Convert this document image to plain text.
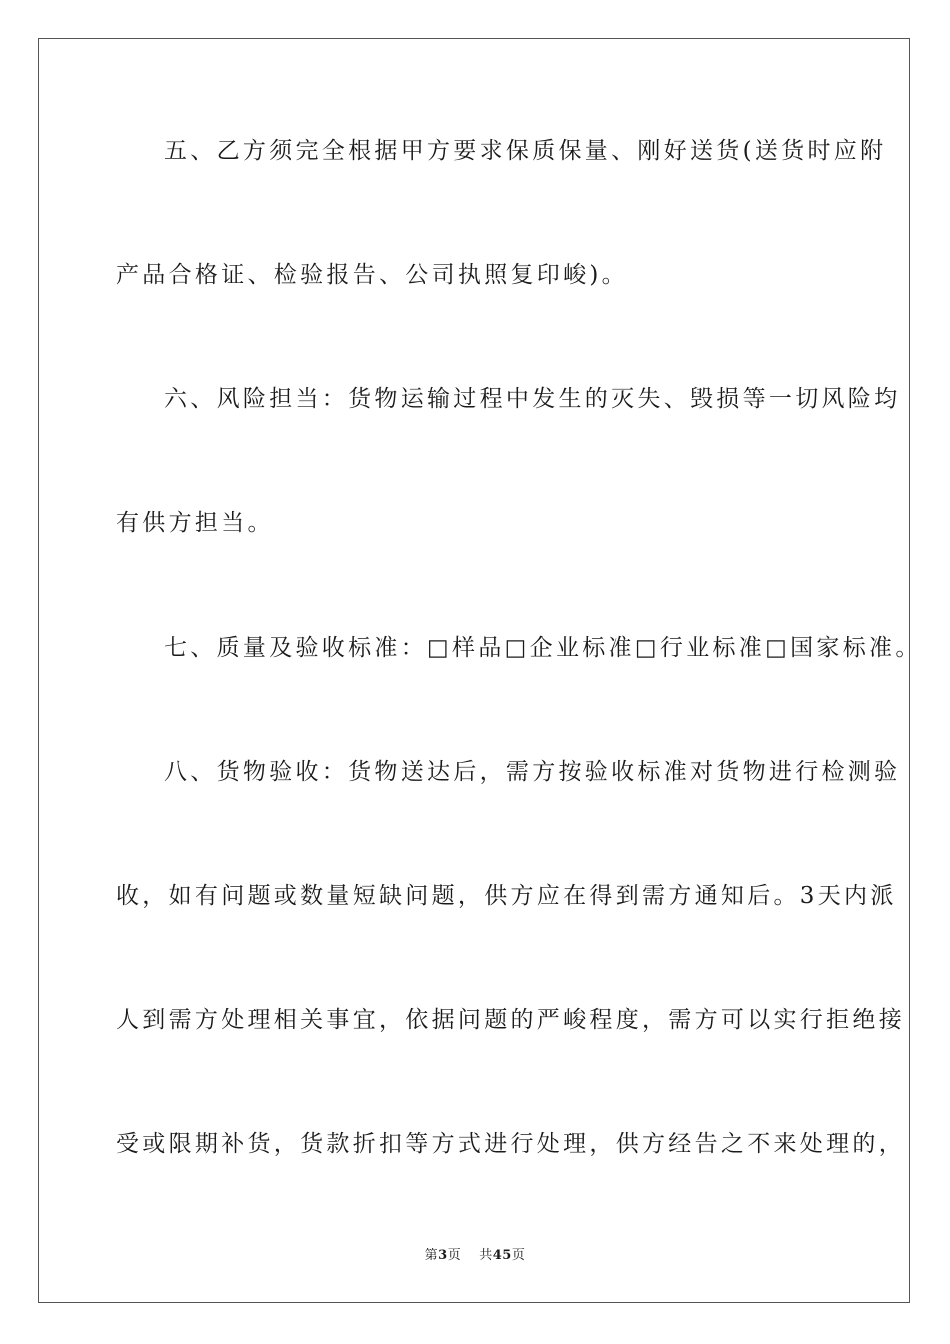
五、乙方须完全根据甲方要求保质保量、刚好送货(送货时应附
产品合格证、检验报告、公司执照复印峻)。
六、风险担当：货物运输过程中发生的灭失、毁损等一切风险均
有供方担当。
七、质量及验收标准：□样品□企业标准□行业标准□国家标准。
八、货物验收：货物送达后，需方按验收标准对货物进行检测验
收，如有问题或数量短缺问题，供方应在得到需方通知后。3天内派
人到需方处理相关事宜，依据问题的严峻程度，需方可以实行拒绝接
受或限期补货，货款折扣等方式进行处理，供方经告之不来处理的，
第3页 共45页
